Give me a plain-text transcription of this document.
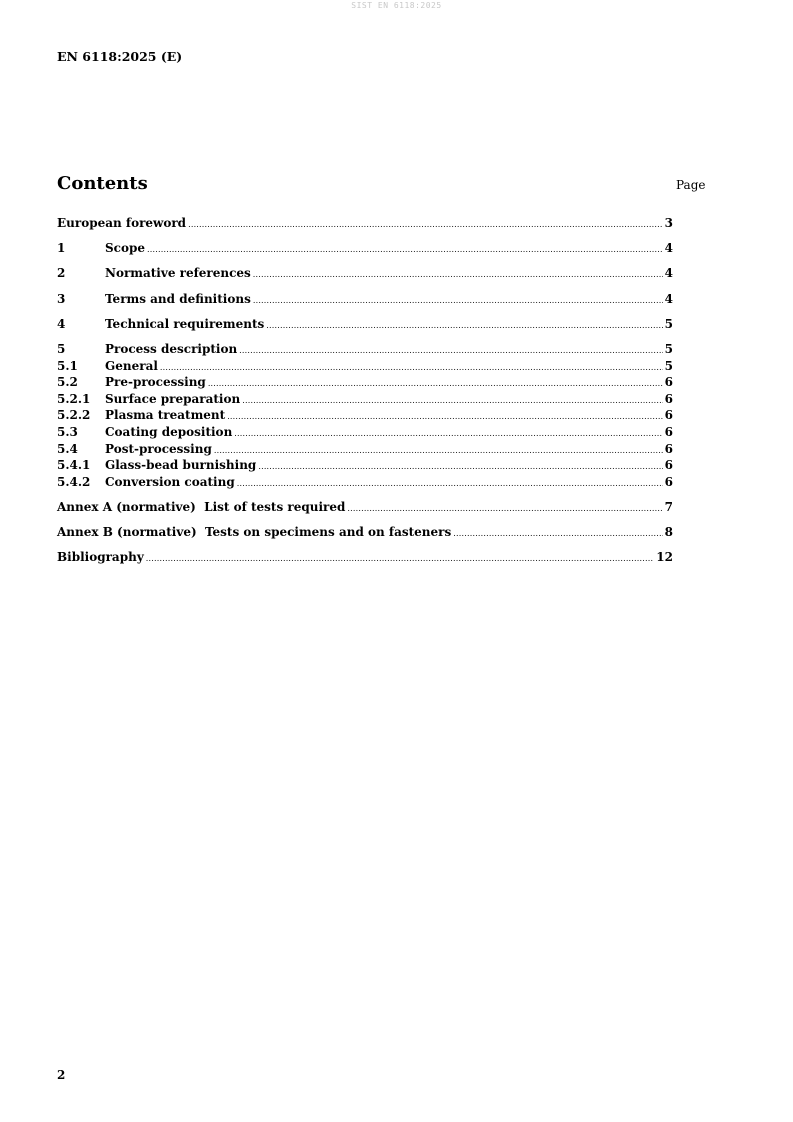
SIST EN 6118:2025
EN 6118:2025 (E)
Contents	Page
European foreword .....	3
1	Scope .....	4
2	Normative references .....	4
3	Terms and definitions .....	4
4	Technical requirements .....	5
5	Process description .....	5
5.1	General .....	5
5.2	Pre-processing .....	6
5.2.1	Surface preparation .....	6
5.2.2	Plasma treatment .....	6
5.3	Coating deposition .....	6
5.4	Post-processing .....	6
5.4.1	Glass-bead burnishing .....	6
5.4.2	Conversion coating .....	6
Annex A (normative)  List of tests required .....	7
Annex B (normative)  Tests on specimens and on fasteners .....	8
Bibliography .....	12
2
